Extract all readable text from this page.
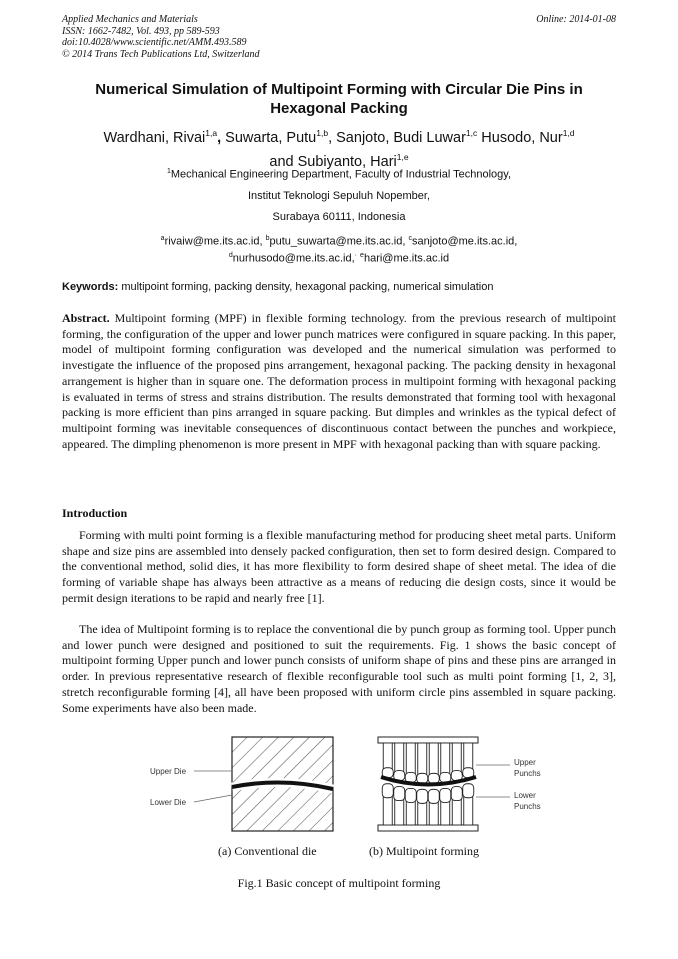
Applied Mechanics and Materials
ISSN: 1662-7482, Vol. 493, pp 589-593
doi:10.4028/www.scientific.net/AMM.493.589
© 2014 Trans Tech Publications Ltd, Switzerland
Online: 2014-01-08
Numerical Simulation of Multipoint Forming with Circular Die Pins in Hexagonal Packing
Wardhani, Rivai$^{1,a}$, Suwarta, Putu$^{1,b}$, Sanjoto, Budi Luwar$^{1,c}$ Husodo, Nur$^{1,d}$
and Subiyanto, Hari$^{1,e}$
$^1$Mechanical Engineering Department, Faculty of Industrial Technology,
Institut Teknologi Sepuluh Nopember,
Surabaya 60111, Indonesia
$^a$rivaiw@me.its.ac.id, $^b$putu_suwarta@me.its.ac.id, $^c$sanjoto@me.its.ac.id,
$^d$nurhusodo@me.its.ac.id,· $^e$hari@me.its.ac.id
Keywords: multipoint forming, packing density, hexagonal packing, numerical simulation
Abstract. Multipoint forming (MPF) in flexible forming technology. from the previous research of multipoint forming, the configuration of the upper and lower punch matrices were configured in square packing. In this paper, model of multipoint forming configuration was developed and the numerical simulation was performed to investigate the influence of the proposed pins arrangement, hexagonal packing. The packing density in hexagonal arrangement is higher than in square one. The deformation process in multipoint forming with hexagonal packing is evaluated in terms of stress and strains distribution. The results demonstrated that forming tool with hexagonal packing is more efficient than pins arranged in square packing. But dimples and wrinkles as the typical defect of multipoint forming was inevitable consequences of discontinuous contact between the punches and workpiece, appeared. The dimpling phenomenon is more present in MPF with hexagonal packing than with square packing.
Introduction
Forming with multi point forming is a flexible manufacturing method for producing sheet metal parts. Uniform shape and size pins are assembled into densely packed configuration, then set to form desired design. Compared to the conventional method, solid dies, it has more flexibility to form desired shape of sheet metal. The idea of die forming of variable shape has always been attractive as a means of reducing die design costs, since it would be permit design iterations to be rapid and nearly free [1].
The idea of Multipoint forming is to replace the conventional die by punch group as forming tool. Upper punch and lower punch were designed and positioned to suit the requirements. Fig. 1 shows the basic concept of multipoint forming Upper punch and lower punch consists of uniform shape of pins and these pins are arranged in order. In previous representative research of flexible reconfigurable tool such as multi point forming [1, 2, 3], stretch reconfigurable forming [4], all have been proposed with uniform circle pins assembled in square packing. Some experiments have also been made.
Upper Die
Lower Die
Upper
Punchs
Lower
Punchs
(a) Conventional die	(b) Multipoint forming
Fig.1 Basic concept of multipoint forming
